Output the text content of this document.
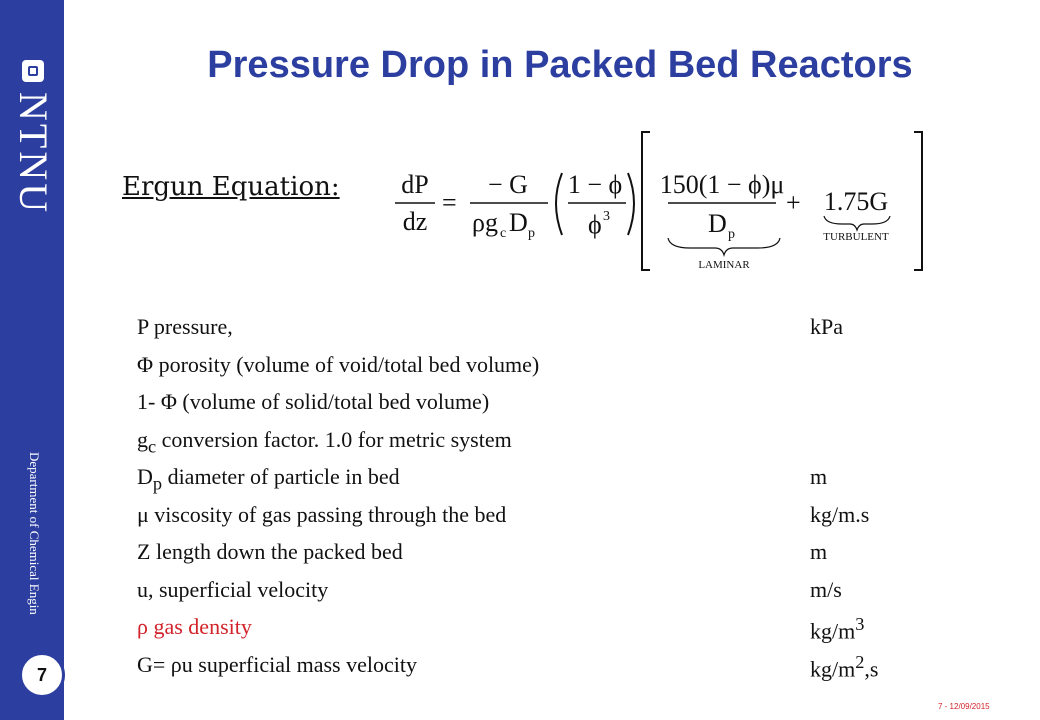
NTNU
Department of Chemical Engin
7
Pressure Drop in Packed Bed Reactors
Ergun Equation: dP
dz
=
− G
ρg c D p
1 − ϕ
ϕ 3
150(1 − ϕ)μ
D p
LAMINAR
+ 1.75G
TURBULENT
P pressure,	kPa
Φ porosity (volume of void/total bed volume)
1- Φ (volume of solid/total bed volume)
$g_c$ conversion factor. 1.0 for metric system
$D_p$ diameter of particle in bed	m
μ viscosity of gas passing through the bed	kg/m.s
Z length down the packed bed	m
u, superficial velocity	m/s
ρ gas density	$kg/m^3$
G= ρu superficial mass velocity	$kg/m^2,s$
7 - 12/09/2015
